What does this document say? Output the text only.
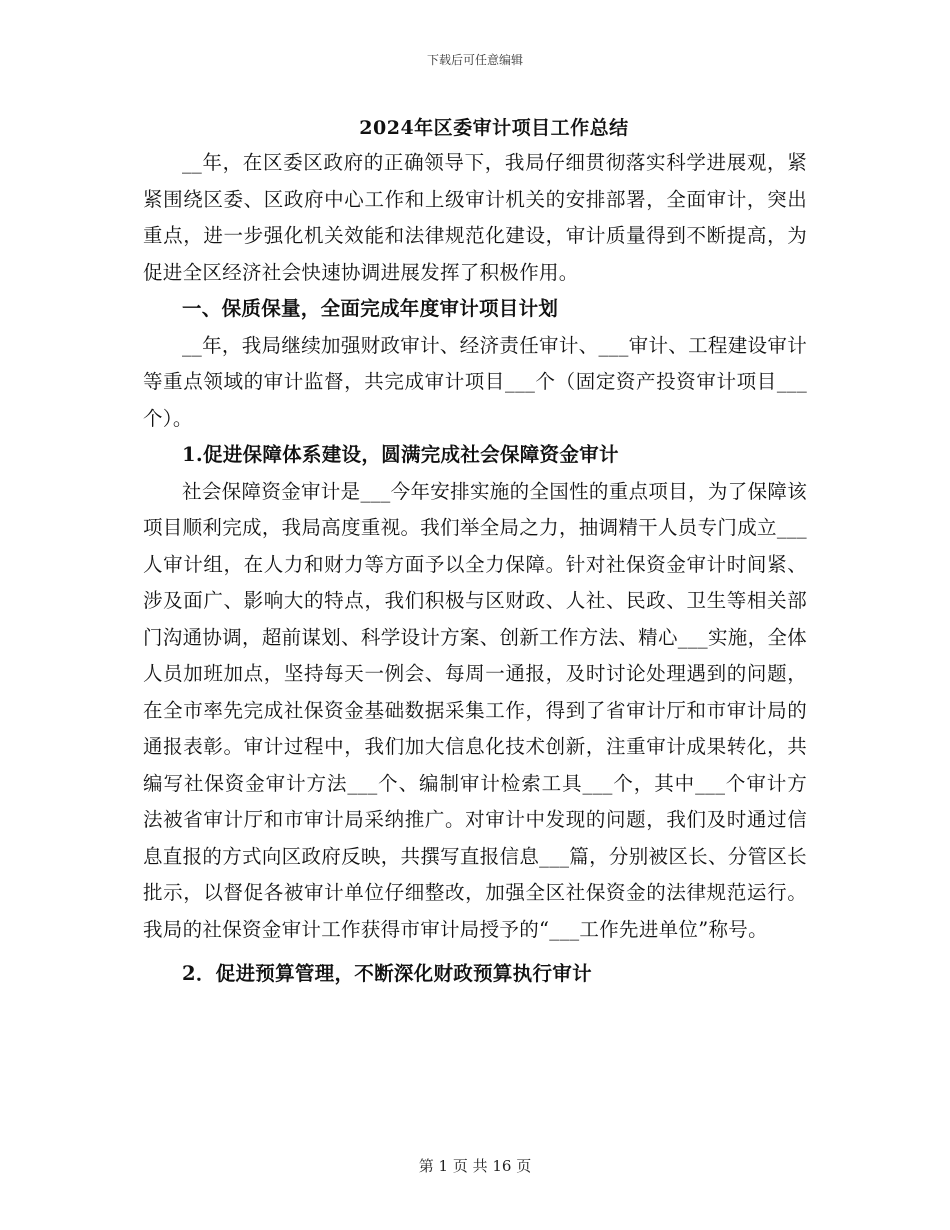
下载后可任意编辑
2024年区委审计项目工作总结

__年，在区委区政府的正确领导下，我局仔细贯彻落实科学进展观，紧紧围绕区委、区政府中心工作和上级审计机关的安排部署，全面审计，突出重点，进一步强化机关效能和法律规范化建设，审计质量得到不断提高，为促进全区经济社会快速协调进展发挥了积极作用。

一、保质保量，全面完成年度审计项目计划

__年，我局继续加强财政审计、经济责任审计、___审计、工程建设审计等重点领域的审计监督，共完成审计项目___个（固定资产投资审计项目___个）。

1.促进保障体系建设，圆满完成社会保障资金审计

社会保障资金审计是___今年安排实施的全国性的重点项目，为了保障该项目顺利完成，我局高度重视。我们举全局之力，抽调精干人员专门成立___人审计组，在人力和财力等方面予以全力保障。针对社保资金审计时间紧、涉及面广、影响大的特点，我们积极与区财政、人社、民政、卫生等相关部门沟通协调，超前谋划、科学设计方案、创新工作方法、精心___实施，全体人员加班加点，坚持每天一例会、每周一通报，及时讨论处理遇到的问题，在全市率先完成社保资金基础数据采集工作，得到了省审计厅和市审计局的通报表彰。审计过程中，我们加大信息化技术创新，注重审计成果转化，共编写社保资金审计方法___个、编制审计检索工具___个，其中___个审计方法被省审计厅和市审计局采纳推广。对审计中发现的问题，我们及时通过信息直报的方式向区政府反映，共撰写直报信息___篇，分别被区长、分管区长批示，以督促各被审计单位仔细整改，加强全区社保资金的法律规范运行。我局的社保资金审计工作获得市审计局授予的“___工作先进单位”称号。

2．促进预算管理，不断深化财政预算执行审计

第 1 页 共 16 页
